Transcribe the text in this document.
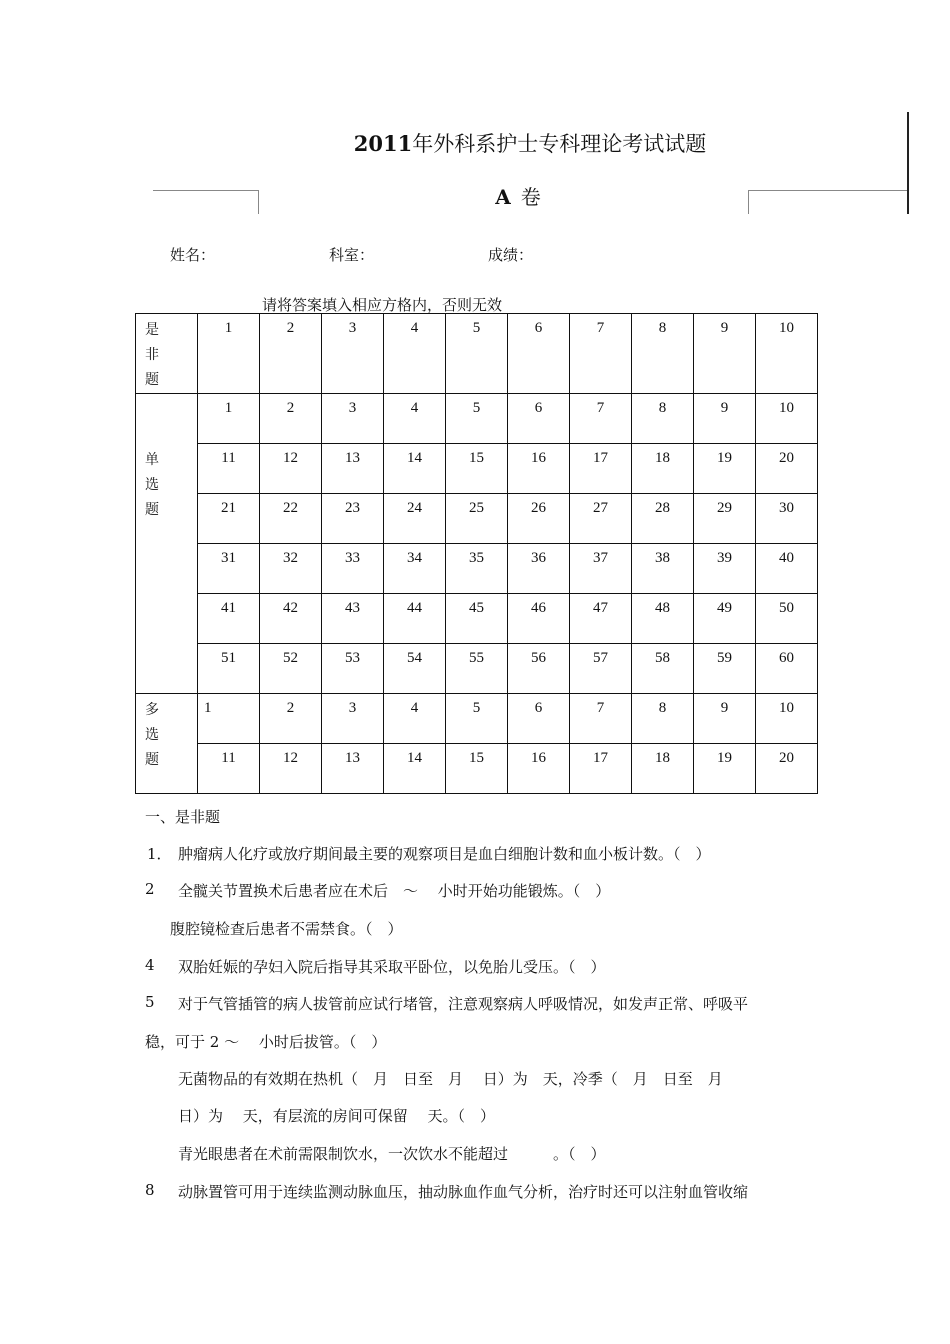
2011年外科系护士专科理论考试试题
A 卷
姓名：	科室：	成绩：
请将答案填入相应方格内，否则无效
是
非
题	1	2	3	4	5	6	7	8	9	10

单
选
题	1	2	3	4	5	6	7	8	9	10
	11	12	13	14	15	16	17	18	19	20
	21	22	23	24	25	26	27	28	29	30
	31	32	33	34	35	36	37	38	39	40
	41	42	43	44	45	46	47	48	49	50
	51	52	53	54	55	56	57	58	59	60

多
选
题	1	2	3	4	5	6	7	8	9	10
	11	12	13	14	15	16	17	18	19	20
一、是非题
1． 肿瘤病人化疗或放疗期间最主要的观察项目是血白细胞计数和血小板计数。（　）
2 全髋关节置换术后患者应在术后　～　 小时开始功能锻炼。（　）
腹腔镜检查后患者不需禁食。（　）
4 双胎妊娠的孕妇入院后指导其采取平卧位，以免胎儿受压。（　）
5 对于气管插管的病人拔管前应试行堵管，注意观察病人呼吸情况，如发声正常、呼吸平
稳，可于 2 ～　 小时后拔管。（　）
无菌物品的有效期在热机（　月　日至　月　 日）为　天，冷季（　月　日至　月
日）为　 天，有层流的房间可保留　 天。（　）
青光眼患者在术前需限制饮水，一次饮水不能超过　　　。（　）
8 动脉置管可用于连续监测动脉血压，抽动脉血作血气分析，治疗时还可以注射血管收缩
